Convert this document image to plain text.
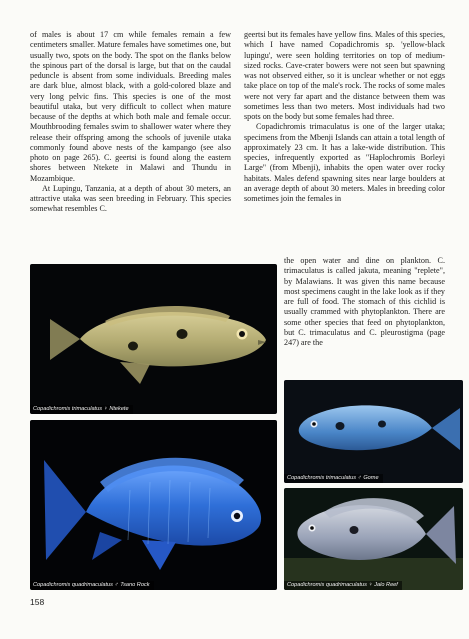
of males is about 17 cm while females remain a few centimeters smaller. Mature females have sometimes one, but usually two, spots on the body. The spot on the flanks below the spinous part of the dorsal is large, but that on the caudal peduncle is absent from some individuals. Breeding males are dark blue, almost black, with a gold-colored blaze and very long pelvic fins. This species is one of the most beautiful utaka, but very difficult to collect when mature because of the depths at which both male and female occur. Mouthbrooding females swim to shallower water where they release their offspring among the schools of juvenile utaka commonly found above nests of the kampango (see also photo on page 265). C. geertsi is found along the eastern shores between Ntekete in Malawi and Thundu in Mozambique.

At Lupingu, Tanzania, at a depth of about 30 meters, an attractive utaka was seen breeding in February. This species somewhat resembles C.

geertsi but its females have yellow fins. Males of this species, which I have named Copadichromis sp. 'yellow-black lupingu', were seen holding territories on top of medium-sized rocks. Cave-crater bowers were not seen but spawning was not observed either, so it is unclear whether or not eggs take place on top of the male's rock. The rocks of some males were not very far apart and the distance between them was sometimes less than two meters. Most individuals had two spots on the body but some females had three.

Copadichromis trimaculatus is one of the larger utaka; specimens from the Mbenji Islands can attain a total length of approximately 23 cm. It has a lake-wide distribution. This species, infrequently exported as "Haplochromis Borleyi Large" (from Mbenji), inhabits the open water over rocky habitats. Males defend spawning sites near large boulders at an average depth of about 30 meters. Males in breeding color sometimes join the females in

the open water and dine on plankton. C. trimaculatus is called jakuta, meaning "replete", by Malawians. It was given this name because most specimens caught in the lake look as if they are full of food. The stomach of this cichlid is usually crammed with phytoplankton. There are some other species that feed on phytoplankton, but C. trimaculatus and C. pleurostigma (page 247) are the

Copadichromis trimaculatus ♀ Ntekete
Copadichromis quadrimaculatus ♂ Tsano Rock
Copadichromis trimaculatus ♂ Gome
Copadichromis quadrimaculatus ♀ Jalo Reef
158
